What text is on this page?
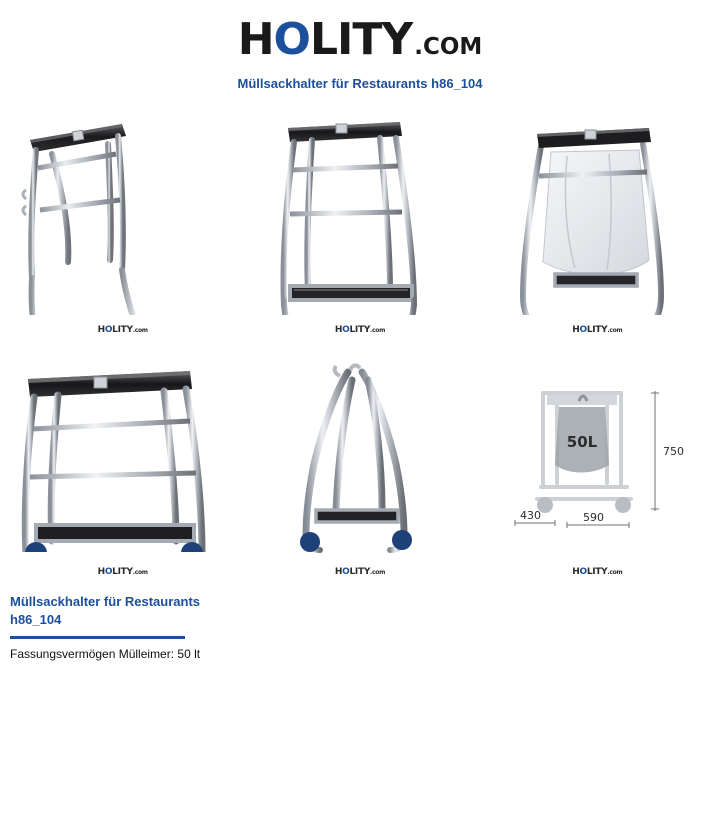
H O LITY .COM
Müllsackhalter für Restaurants h86_104
HOLITY.com	HOLITY.com	HOLITY.com
HOLITY.com	HOLITY.com
50L
750
430	590
HOLITY.com
Müllsackhalter für Restaurants
h86_104
Fassungsvermögen Mülleimer: 50 lt
